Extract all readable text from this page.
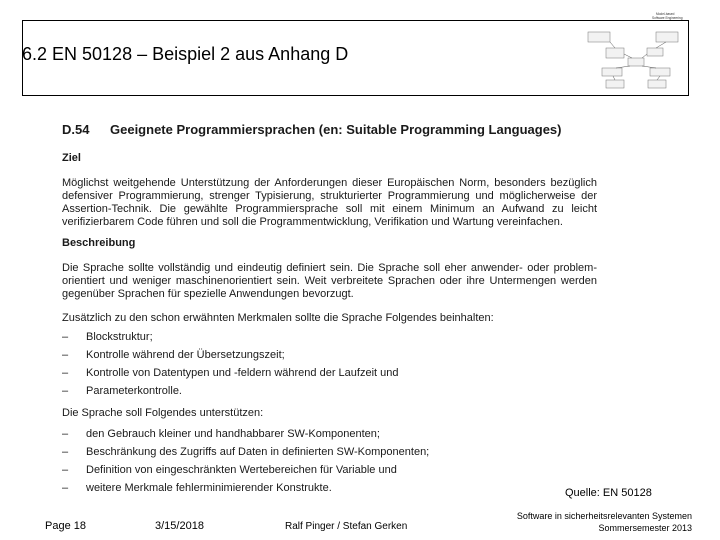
6.2 EN 50128 – Beispiel 2 aus Anhang D
Model-based
Software Engineering
D.54 Geeignete Programmiersprachen (en: Suitable Programming Languages)
Ziel
Möglichst weitgehende Unterstützung der Anforderungen dieser Europäischen Norm, besonders bezüglich defensiver Programmierung, strenger Typisierung, strukturierter Programmierung und möglicherweise der Assertion-Technik. Die gewählte Programmiersprache soll mit einem Minimum an Aufwand zu leicht verifizierbarem Code führen und soll die Programmentwicklung, Verifikation und Wartung vereinfachen.
Beschreibung
Die Sprache sollte vollständig und eindeutig definiert sein. Die Sprache soll eher anwender- oder problem-orientiert und weniger maschinenorientiert sein. Weit verbreitete Sprachen oder ihre Untermengen werden gegenüber Sprachen für spezielle Anwendungen bevorzugt.
Zusätzlich zu den schon erwähnten Merkmalen sollte die Sprache Folgendes beinhalten:
– Blockstruktur;
– Kontrolle während der Übersetzungszeit;
– Kontrolle von Datentypen und -feldern während der Laufzeit und
– Parameterkontrolle.
Die Sprache soll Folgendes unterstützen:
– den Gebrauch kleiner und handhabbarer SW-Komponenten;
– Beschränkung des Zugriffs auf Daten in definierten SW-Komponenten;
– Definition von eingeschränkten Wertebereichen für Variable und
– weitere Merkmale fehlerminimierender Konstrukte.	Quelle: EN 50128
Page 18	3/15/2018	Ralf Pinger / Stefan Gerken
Software in sicherheitsrelevanten Systemen
Sommersemester 2013
